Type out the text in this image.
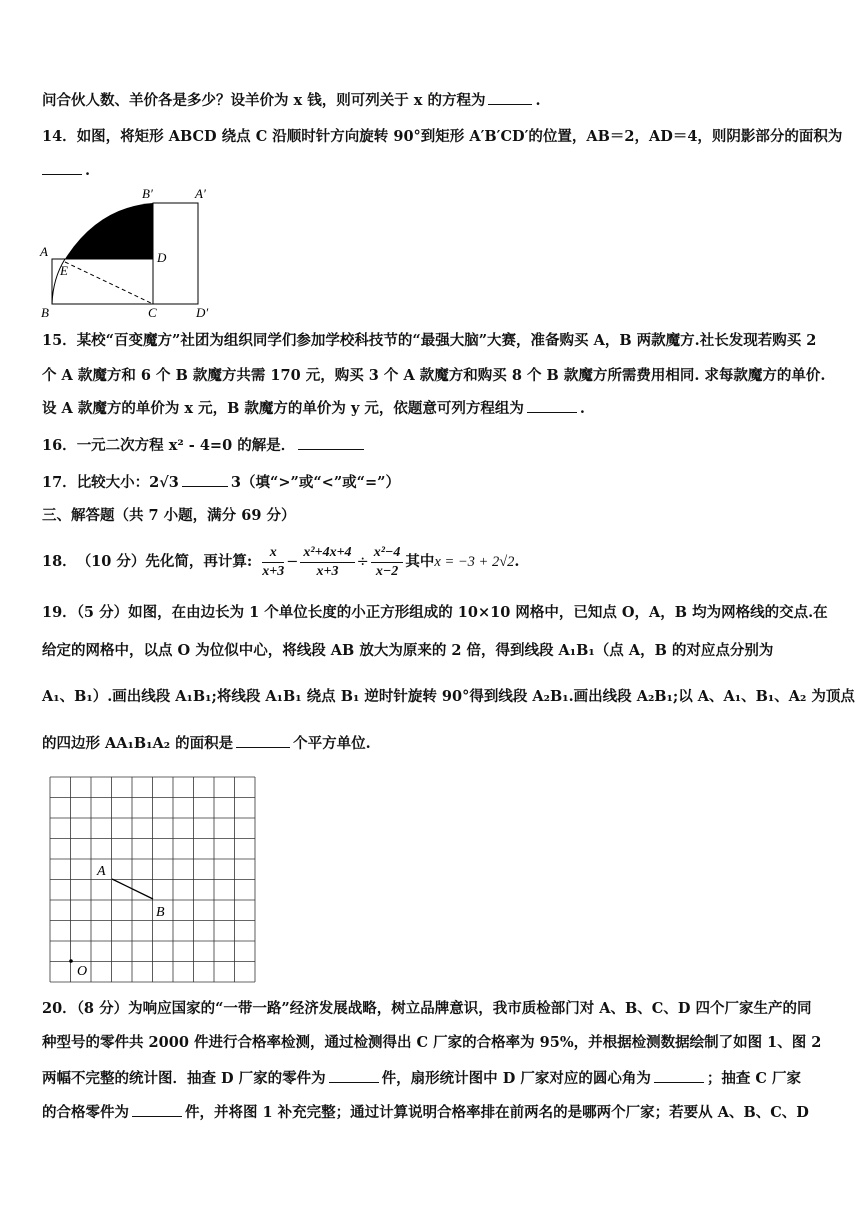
问合伙人数、羊价各是多少？设羊价为 x 钱，则可列关于 x 的方程为	.
14．如图，将矩形 ABCD 绕点 C 沿顺时针方向旋转 90°到矩形 A′B′CD′的位置，AB＝2，AD＝4，则阴影部分的面积为
.
B′	A′
A
E
D
B	C	D′
15．某校“百变魔方”社团为组织同学们参加学校科技节的“最强大脑”大赛，准备购买 A，B 两款魔方.社长发现若购买 2
个 A 款魔方和 6 个 B 款魔方共需 170 元，购买 3 个 A 款魔方和购买 8 个 B 款魔方所需费用相同. 求每款魔方的单价.
设 A 款魔方的单价为 x 元，B 款魔方的单价为 y 元，依题意可列方程组为	.
16．一元二次方程 x² - 4=0 的解是．
17．比较大小：2√3	3（填“>”或“<”或“=”）
三、解答题（共 7 小题，满分 69 分）
18． （10 分）先化简，再计算: $\frac{x}{x+3} - \frac{\text{x²+4x+4}}{x+3} \div \frac{\text{x²−4}}{x-2}$ 其中 x = −3 + 2√2 .
19．（5 分）如图，在由边长为 1 个单位长度的小正方形组成的 10×10 网格中，已知点 O，A，B 均为网格线的交点.在
给定的网格中，以点 O 为位似中心，将线段 AB 放大为原来的 2 倍，得到线段 A₁B₁（点 A，B 的对应点分别为
A₁、B₁）.画出线段 A₁B₁;将线段 A₁B₁ 绕点 B₁ 逆时针旋转 90°得到线段 A₂B₁.画出线段 A₂B₁;以 A、A₁、B₁、A₂ 为顶点
的四边形 AA₁B₁A₂ 的面积是	个平方单位.
A
B
O
20．（8 分）为响应国家的“一带一路”经济发展战略，树立品牌意识，我市质检部门对 A、B、C、D 四个厂家生产的同
种型号的零件共 2000 件进行合格率检测，通过检测得出 C 厂家的合格率为 95%，并根据检测数据绘制了如图 1、图 2
两幅不完整的统计图．抽查 D 厂家的零件为	件，扇形统计图中 D 厂家对应的圆心角为	；抽查 C 厂家
的合格零件为	件，并将图 1 补充完整；通过计算说明合格率排在前两名的是哪两个厂家；若要从 A、B、C、D
